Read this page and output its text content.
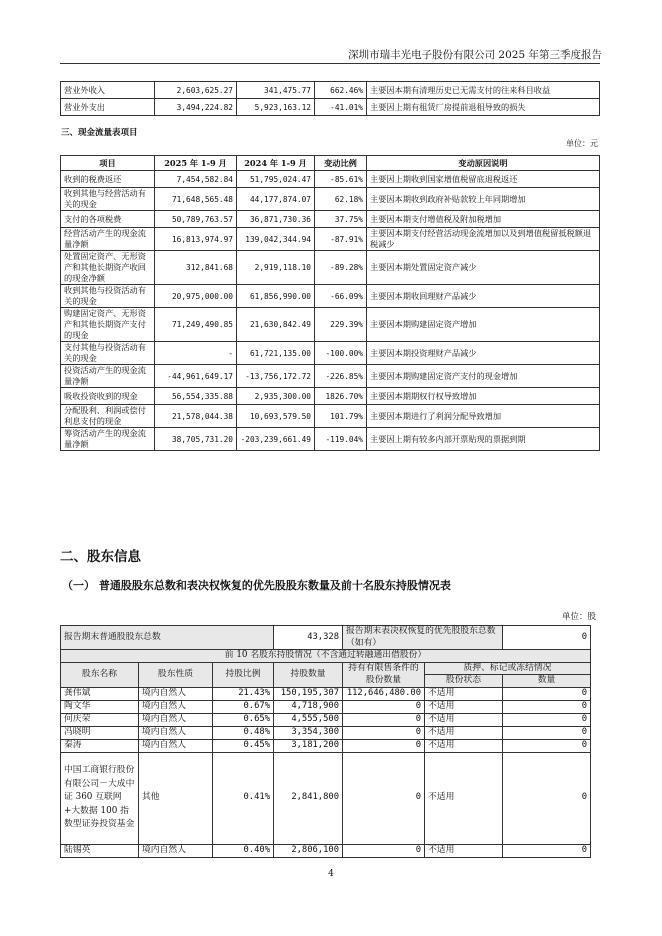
深圳市瑞丰光电子股份有限公司 2025 年第三季度报告
营业外收入	2,603,625.27	341,475.77	662.46%	主要因本期有清理历史已无需支付的往来科目收益
营业外支出	3,494,224.82	5,923,163.12	-41.01%	主要因上期有租赁厂房提前退租导致的损失
三、现金流量表项目
单位：元
项目	2025 年 1-9 月	2024 年 1-9 月	变动比例	变动原因说明
收到的税费返还	7,454,582.84	51,795,024.47	-85.61%	主要因上期收到国家增值税留底退税返还
收到其他与经营活动有关的现金	71,648,565.48	44,177,874.07	62.18%	主要因本期收到政府补贴款较上年同期增加
支付的各项税费	50,789,763.57	36,871,730.36	37.75%	主要因本期支付增值税及附加税增加
经营活动产生的现金流量净额	16,813,974.97	139,042,344.94	-87.91%	主要因本期支付经营活动现金流增加以及到增值税留抵税额退税减少
处置固定资产、无形资产和其他长期资产收回的现金净额	312,841.68	2,919,118.10	-89.28%	主要因本期处置固定资产减少
收到其他与投资活动有关的现金	20,975,000.00	61,856,990.00	-66.09%	主要因本期收回理财产品减少
购建固定资产、无形资产和其他长期资产支付的现金	71,249,490.85	21,630,842.49	229.39%	主要因本期购建固定资产增加
支付其他与投资活动有关的现金	-	61,721,135.00	-100.00%	主要因本期投资理财产品减少
投资活动产生的现金流量净额	-44,961,649.17	-13,756,172.72	-226.85%	主要因本期购建固定资产支付的现金增加
吸收投资收到的现金	56,554,335.88	2,935,300.00	1826.70%	主要因本期期权行权导致增加
分配股利、利润或偿付利息支付的现金	21,578,044.38	10,693,579.50	101.79%	主要因本期进行了利润分配导致增加
筹资活动产生的现金流量净额	38,705,731.20	-203,239,661.49	-119.04%	主要因上期有较多内部开票贴现的票据到期
二、股东信息
（一） 普通股股东总数和表决权恢复的优先股股东数量及前十名股东持股情况表
单位：股
报告期末普通股股东总数			43,328	报告期末表决权恢复的优先股股东总数（如有）		0
前 10 名股东持股情况（不含通过转融通出借股份）						
股东名称	股东性质	持股比例	持股数量	持有有限售条件的股份数量	质押、标记或冻结情况	
					股份状态	数量
龚伟斌	境内自然人	21.43%	150,195,307	112,646,480.00	不适用	0
陶文华	境内自然人	0.67%	4,718,900	0	不适用	0
何庆荣	境内自然人	0.65%	4,555,500	0	不适用	0
冯晓明	境内自然人	0.48%	3,354,300	0	不适用	0
秦涛	境内自然人	0.45%	3,181,200	0	不适用	0
中国工商银行股份有限公司－大成中证 360 互联网+大数据 100 指数型证券投资基金	其他	0.41%	2,841,800	0	不适用	0
陆锡英	境内自然人	0.40%	2,806,100	0	不适用	0
4
